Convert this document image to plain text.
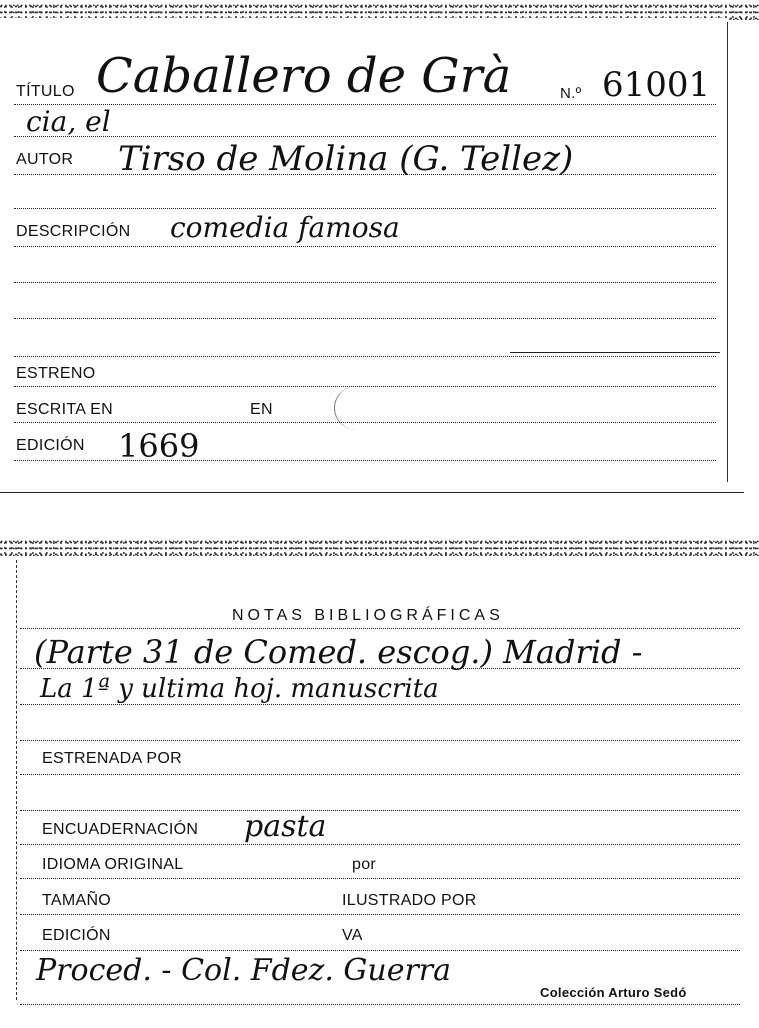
TÍTULO Caballero de Grà	N.º 61001
cia, el
AUTOR Tirso de Molina (G. Tellez)
DESCRIPCIÓN comedia famosa
ESTRENO
ESCRITA EN	EN
EDICIÓN 1669
NOTAS BIBLIOGRÁFICAS
(Parte 31 de Comed. escog.) Madrid -
La 1ª y ultima hoj. manuscrita
ESTRENADA POR
ENCUADERNACIÓN pasta
IDIOMA ORIGINAL	por
TAMAÑO	ILUSTRADO POR
EDICIÓN	VA
Proced. - Col. Fdez. Guerra
Colección Arturo Sedó
